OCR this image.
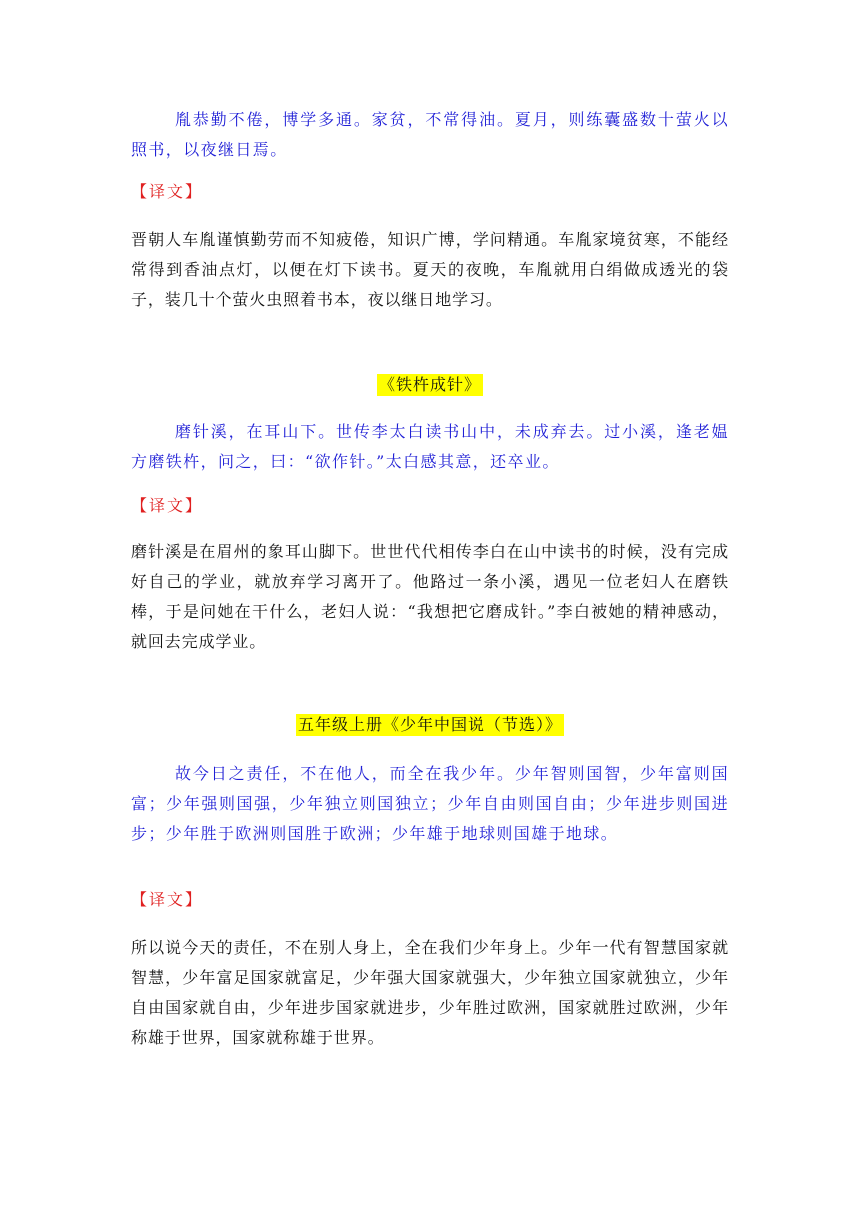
胤恭勤不倦，博学多通。家贫，不常得油。夏月，则练囊盛数十萤火以照书，以夜继日焉。

【译文】

晋朝人车胤谨慎勤劳而不知疲倦，知识广博，学问精通。车胤家境贫寒，不能经常得到香油点灯，以便在灯下读书。夏天的夜晚，车胤就用白绢做成透光的袋子，装几十个萤火虫照着书本，夜以继日地学习。

《铁杵成针》

磨针溪，在耳山下。世传李太白读书山中，未成弃去。过小溪，逢老媪方磨铁杵，问之，曰：“欲作针。”太白感其意，还卒业。

【译文】

磨针溪是在眉州的象耳山脚下。世世代代相传李白在山中读书的时候，没有完成好自己的学业，就放弃学习离开了。他路过一条小溪，遇见一位老妇人在磨铁棒，于是问她在干什么，老妇人说：“我想把它磨成针。”李白被她的精神感动，就回去完成学业。

五年级上册《少年中国说（节选）》

故今日之责任，不在他人，而全在我少年。少年智则国智，少年富则国富；少年强则国强，少年独立则国独立；少年自由则国自由；少年进步则国进步；少年胜于欧洲则国胜于欧洲；少年雄于地球则国雄于地球。

【译文】

所以说今天的责任，不在别人身上，全在我们少年身上。少年一代有智慧国家就智慧，少年富足国家就富足，少年强大国家就强大，少年独立国家就独立，少年自由国家就自由，少年进步国家就进步，少年胜过欧洲，国家就胜过欧洲，少年称雄于世界，国家就称雄于世界。
